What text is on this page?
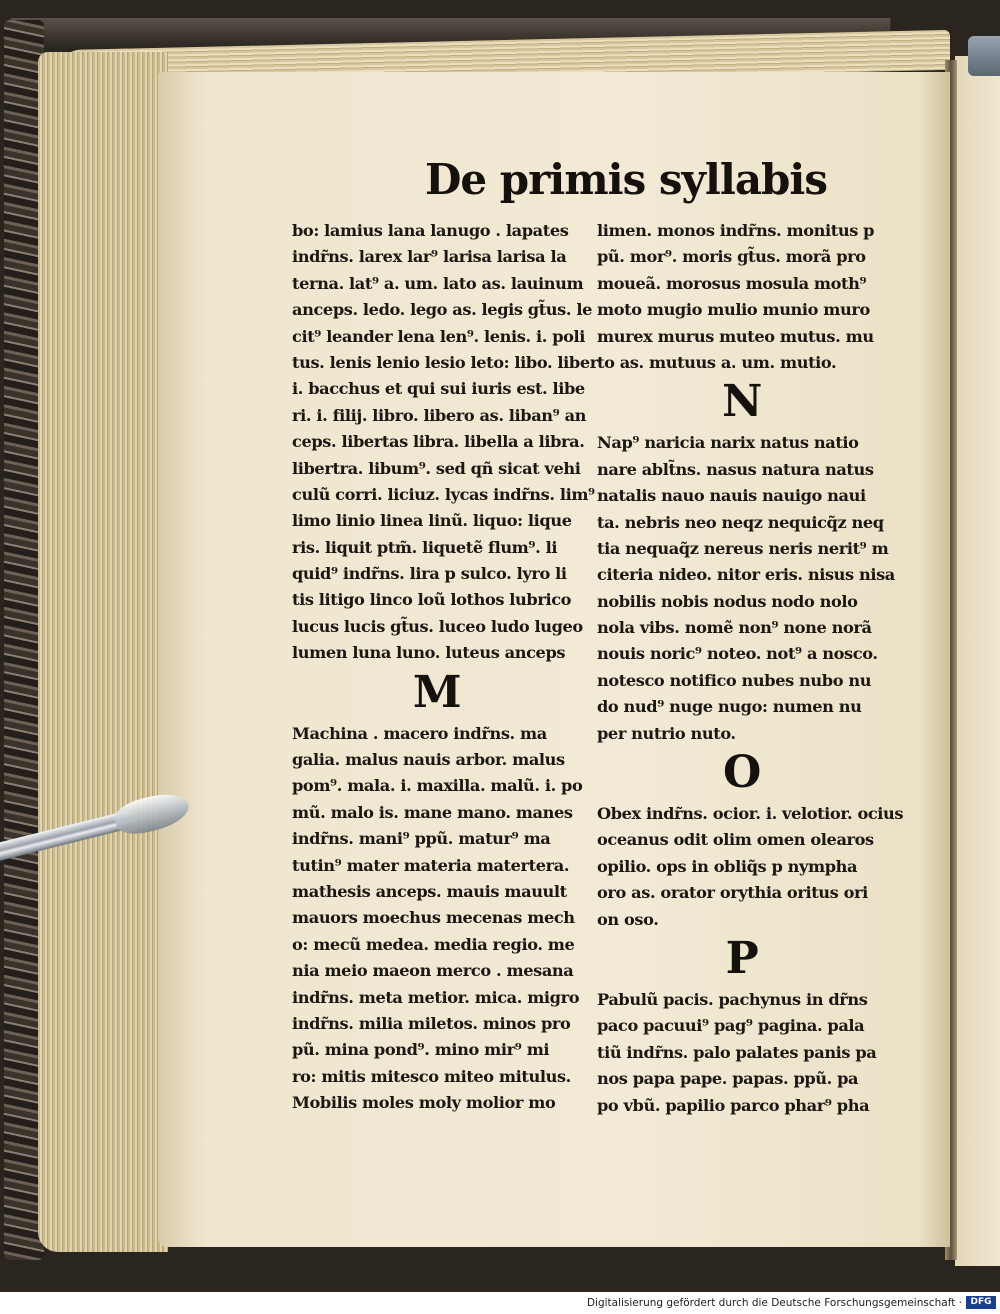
De primis syllabis
bo: lamius lana lanugo . lapates
indr̃ns. larex lar⁹ larisa larisa la
terna. lat⁹ a. um. lato as. lauinum
anceps. ledo. lego as. legis gt̃us. le
cit⁹ leander lena len⁹. lenis. i. poli
tus. lenis lenio lesio leto: libo. liber
i. bacchus et qui sui iuris est. libe
ri. i. filij. libro. libero as. liban⁹ an
ceps. libertas libra. libella a libra.
libertra. libum⁹. sed qñ sicat vehi
culũ corri. liciuz. lycas indr̃ns. lim⁹
limo linio linea linũ. liquo: lique
ris. liquit ptm̃. liquetẽ flum⁹. li
quid⁹ indr̃ns. lira p sulco. lyro li
tis litigo linco loũ lothos lubrico
lucus lucis gt̃us. luceo ludo lugeo
lumen luna luno. luteus anceps
M
Machina . macero indr̃ns. ma
galia. malus nauis arbor. malus
pom⁹. mala. i. maxilla. malũ. i. po
mũ. malo is. mane mano. manes
indr̃ns. mani⁹ ppũ. matur⁹ ma
tutin⁹ mater materia matertera.
mathesis anceps. mauis mauult
mauors moechus mecenas mech
o: mecũ medea. media regio. me
nia meio maeon merco . mesana
indr̃ns. meta metior. mica. migro
indr̃ns. milia miletos. minos pro
pũ. mina pond⁹. mino mir⁹ mi
ro: mitis mitesco miteo mitulus.
Mobilis moles moly molior mo
limen. monos indr̃ns. monitus p
pũ. mor⁹. moris gt̃us. morã pro
moueã. morosus mosula moth⁹
moto mugio mulio munio muro
murex murus muteo mutus. mu
to as. mutuus a. um. mutio.
N
Nap⁹ naricia narix natus natio
nare ablt̃ns. nasus natura natus
natalis nauo nauis nauigo naui
ta. nebris neo neqz nequicq̃z neq
tia nequaq̃z nereus neris nerit⁹ m
citeria nideo. nitor eris. nisus nisa
nobilis nobis nodus nodo nolo
nola vibs. nomẽ non⁹ none norã
nouis noric⁹ noteo. not⁹ a nosco.
notesco notifico nubes nubo nu
do nud⁹ nuge nugo: numen nu
per nutrio nuto.
O
Obex indr̃ns. ocior. i. velotior. ocius
oceanus odit olim omen olearos
opilio. ops in obliq̃s p nympha
oro as. orator orythia oritus ori
on oso.
P
Pabulũ pacis. pachynus in dr̃ns
paco pacuui⁹ pag⁹ pagina. pala
tiũ indr̃ns. palo palates panis pa
nos papa pape. papas. ppũ. pa
po vbũ. papilio parco phar⁹ pha
Digitalisierung gefördert durch die Deutsche Forschungsgemeinschaft · DFG
